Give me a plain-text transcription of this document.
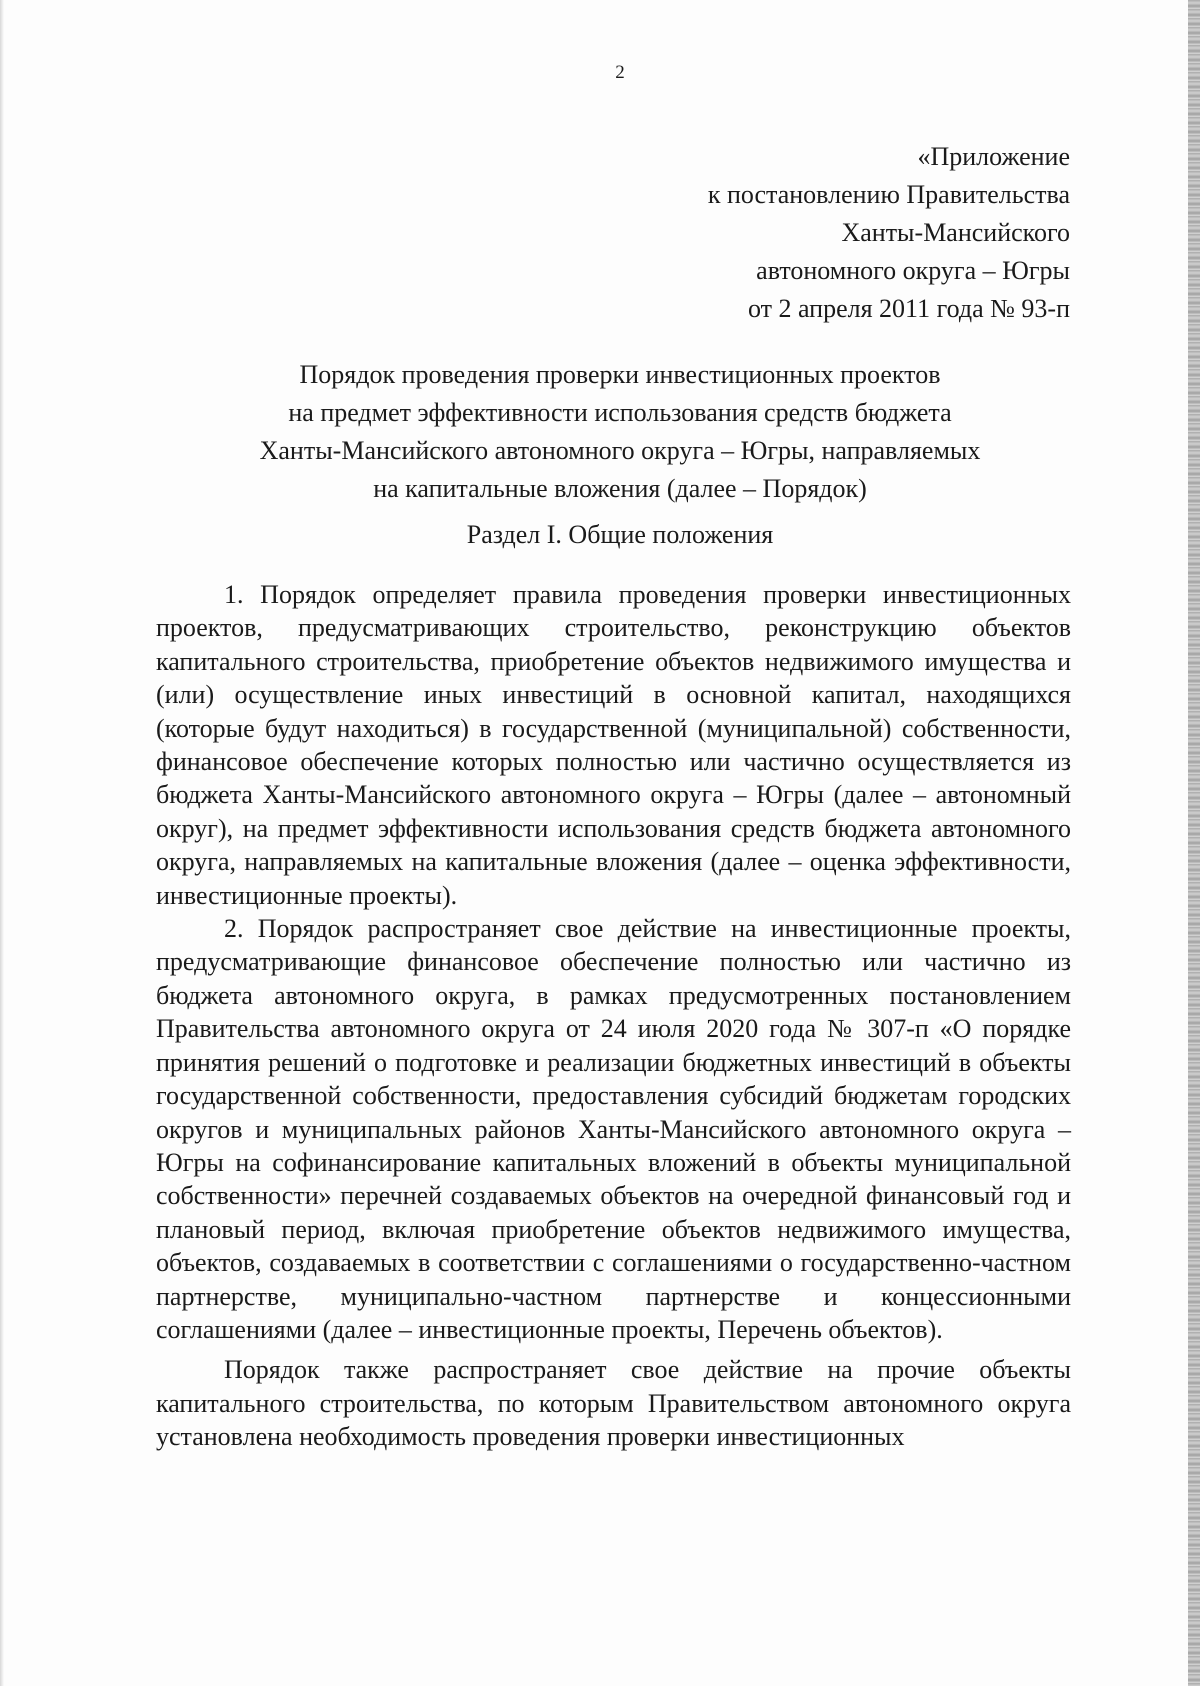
2
«Приложение
к постановлению Правительства
Ханты-Мансийского
автономного округа – Югры
от 2 апреля 2011 года № 93-п
Порядок проведения проверки инвестиционных проектов
на предмет эффективности использования средств бюджета
Ханты-Мансийского автономного округа – Югры, направляемых
на капитальные вложения (далее – Порядок)
Раздел I. Общие положения

1. Порядок определяет правила проведения проверки инвестиционных проектов, предусматривающих строительство, реконструкцию объектов капитального строительства, приобретение объектов недвижимого имущества и (или) осуществление иных инвестиций в основной капитал, находящихся (которые будут находиться) в государственной (муниципальной) собственности, финансовое обеспечение которых полностью или частично осуществляется из бюджета Ханты-Мансийского автономного округа – Югры (далее – автономный округ), на предмет эффективности использования средств бюджета автономного округа, направляемых на капитальные вложения (далее – оценка эффективности, инвестиционные проекты).

2. Порядок распространяет свое действие на инвестиционные проекты, предусматривающие финансовое обеспечение полностью или частично из бюджета автономного округа, в рамках предусмотренных постановлением Правительства автономного округа от 24 июля 2020 года № 307-п «О порядке принятия решений о подготовке и реализации бюджетных инвестиций в объекты государственной собственности, предоставления субсидий бюджетам городских округов и муниципальных районов Ханты-Мансийского автономного округа – Югры на софинансирование капитальных вложений в объекты муниципальной собственности» перечней создаваемых объектов на очередной финансовый год и плановый период, включая приобретение объектов недвижимого имущества, объектов, создаваемых в соответствии с соглашениями о государственно-частном партнерстве, муниципально-частном партнерстве и концессионными соглашениями (далее – инвестиционные проекты, Перечень объектов).

Порядок также распространяет свое действие на прочие объекты капитального строительства, по которым Правительством автономного округа установлена необходимость проведения проверки инвестиционных
